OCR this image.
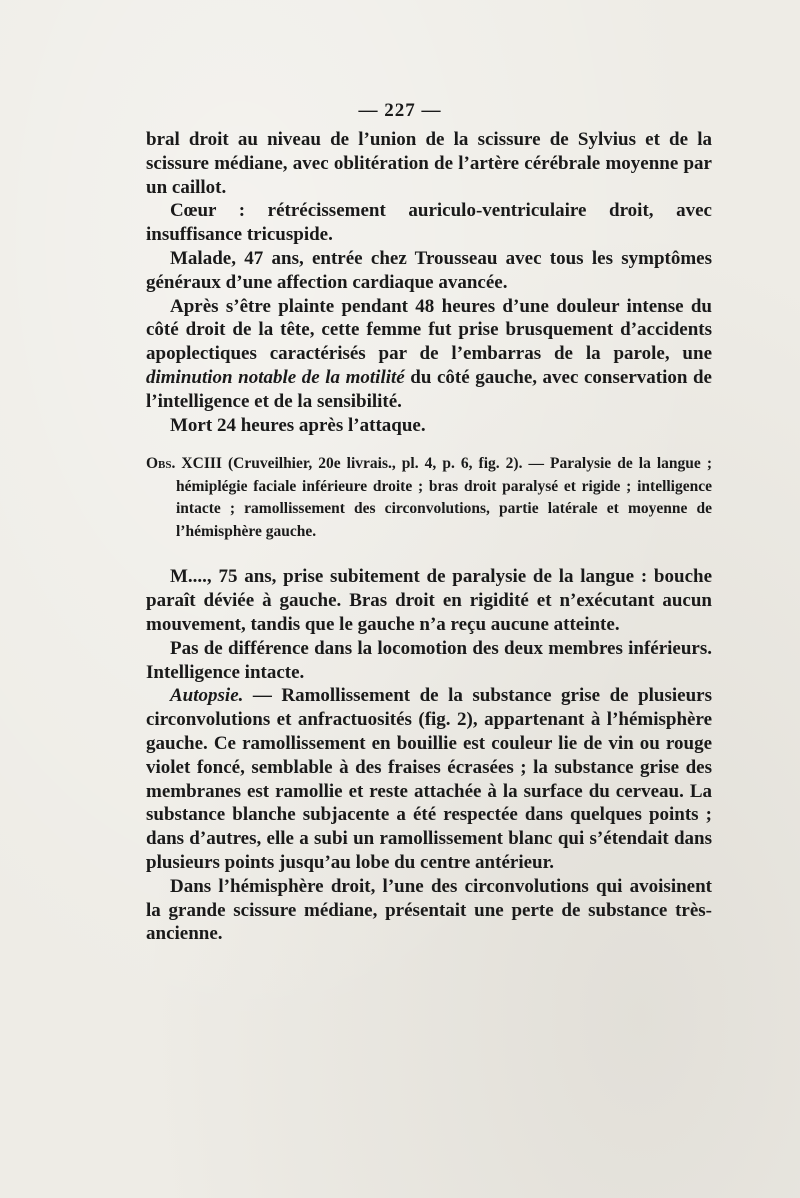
— 227 —

bral droit au niveau de l’union de la scissure de Sylvius et de la scissure médiane, avec oblitération de l’artère cérébrale moyenne par un caillot.

Cœur : rétrécissement auriculo-ventriculaire droit, avec insuffisance tricuspide.

Malade, 47 ans, entrée chez Trousseau avec tous les symptômes généraux d’une affection cardiaque avancée.

Après s’être plainte pendant 48 heures d’une douleur intense du côté droit de la tête, cette femme fut prise brusquement d’accidents apoplectiques caractérisés par de l’embarras de la parole, une diminution notable de la motilité du côté gauche, avec conservation de l’intelligence et de la sensibilité.

Mort 24 heures après l’attaque.

Obs. XCIII (Cruveilhier, 20e livrais., pl. 4, p. 6, fig. 2). — Paralysie de la langue ; hémiplégie faciale inférieure droite ; bras droit paralysé et rigide ; intelligence intacte ; ramollissement des circonvolutions, partie latérale et moyenne de l’hémisphère gauche.

M...., 75 ans, prise subitement de paralysie de la langue : bouche paraît déviée à gauche. Bras droit en rigidité et n’exécutant aucun mouvement, tandis que le gauche n’a reçu aucune atteinte.

Pas de différence dans la locomotion des deux membres inférieurs. Intelligence intacte.

Autopsie. — Ramollissement de la substance grise de plusieurs circonvolutions et anfractuosités (fig. 2), appartenant à l’hémisphère gauche. Ce ramollissement en bouillie est couleur lie de vin ou rouge violet foncé, semblable à des fraises écrasées ; la substance grise des membranes est ramollie et reste attachée à la surface du cerveau. La substance blanche subjacente a été respectée dans quelques points ; dans d’autres, elle a subi un ramollissement blanc qui s’étendait dans plusieurs points jusqu’au lobe du centre antérieur.

Dans l’hémisphère droit, l’une des circonvolutions qui avoisinent la grande scissure médiane, présentait une perte de substance très-ancienne.
